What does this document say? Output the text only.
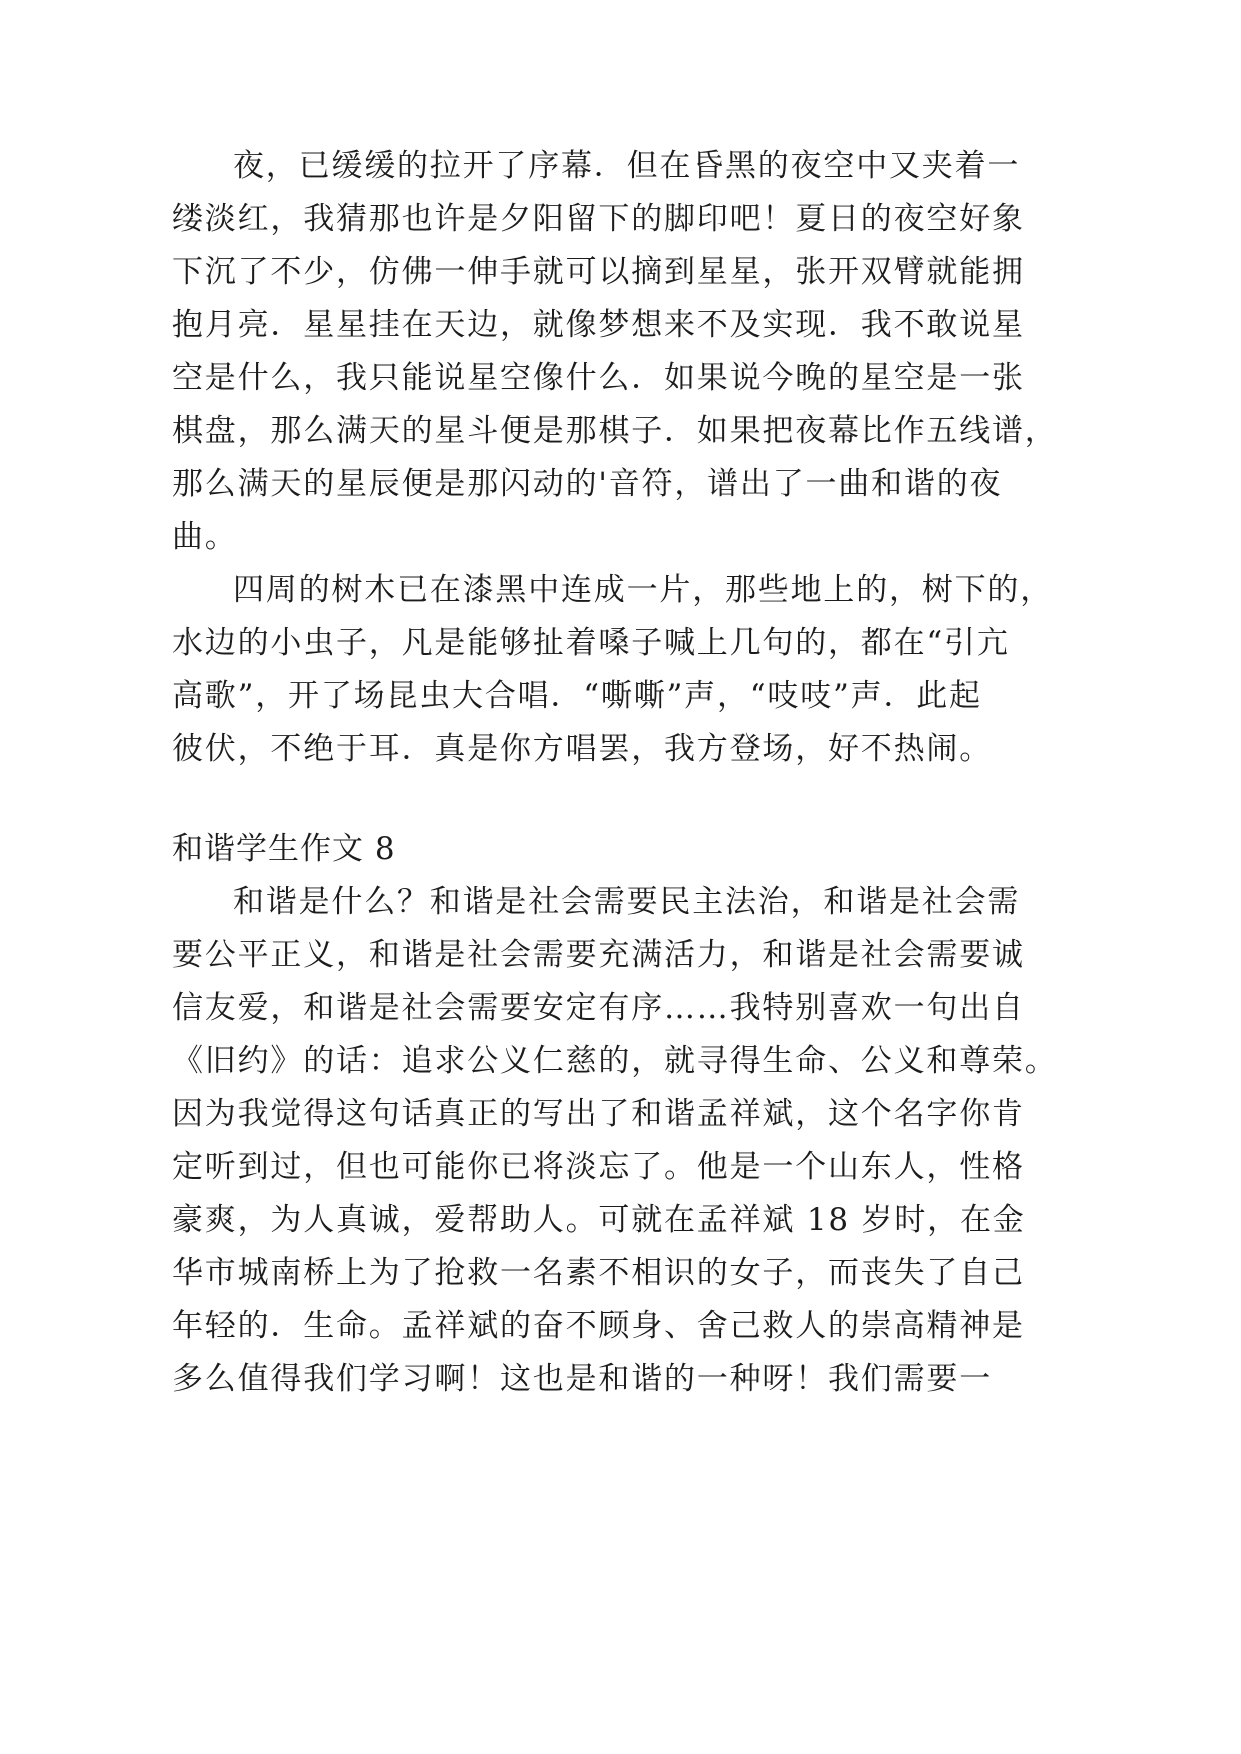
夜，已缓缓的拉开了序幕．但在昏黑的夜空中又夹着一

缕淡红，我猜那也许是夕阳留下的脚印吧！夏日的夜空好象

下沉了不少，仿佛一伸手就可以摘到星星，张开双臂就能拥

抱月亮．星星挂在天边，就像梦想来不及实现．我不敢说星

空是什么，我只能说星空像什么．如果说今晚的星空是一张

棋盘，那么满天的星斗便是那棋子．如果把夜幕比作五线谱，

那么满天的星辰便是那闪动的'音符，谱出了一曲和谐的夜

曲。

四周的树木已在漆黑中连成一片，那些地上的，树下的，

水边的小虫子，凡是能够扯着嗓子喊上几句的，都在“引亢

高歌”，开了场昆虫大合唱．“嘶嘶”声，“吱吱”声．此起

彼伏，不绝于耳．真是你方唱罢，我方登场，好不热闹。

和谐学生作文 8

和谐是什么？和谐是社会需要民主法治，和谐是社会需

要公平正义，和谐是社会需要充满活力，和谐是社会需要诚

信友爱，和谐是社会需要安定有序……我特别喜欢一句出自

《旧约》的话：追求公义仁慈的，就寻得生命、公义和尊荣。

因为我觉得这句话真正的写出了和谐孟祥斌，这个名字你肯

定听到过，但也可能你已将淡忘了。他是一个山东人，性格

豪爽，为人真诚，爱帮助人。可就在孟祥斌 18 岁时，在金

华市城南桥上为了抢救一名素不相识的女子，而丧失了自己

年轻的．生命。孟祥斌的奋不顾身、舍己救人的崇高精神是

多么值得我们学习啊！这也是和谐的一种呀！我们需要一
